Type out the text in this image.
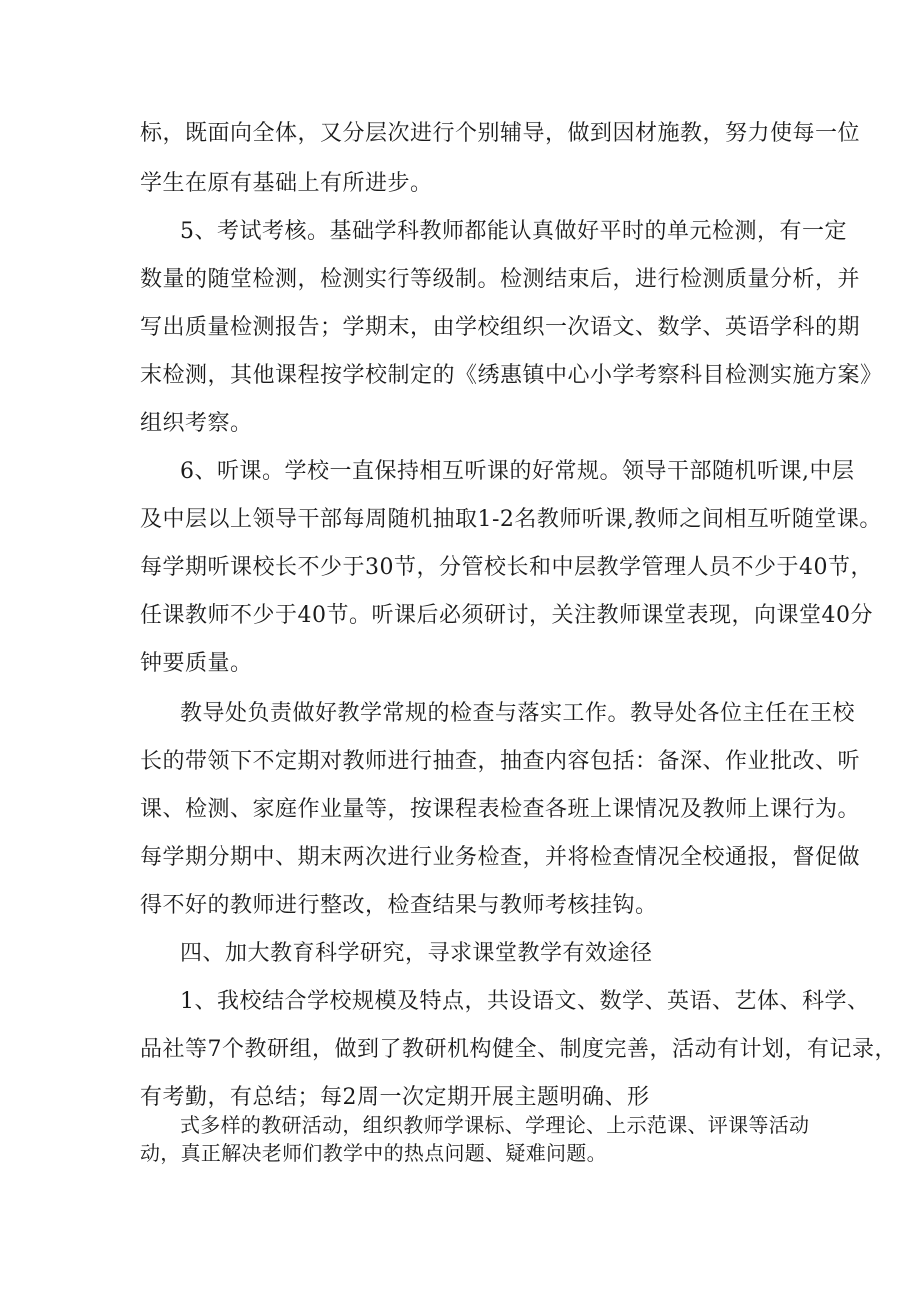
标，既面向全体，又分层次进行个别辅导，做到因材施教，努力使每一位
学生在原有基础上有所进步。
5、考试考核。基础学科教师都能认真做好平时的单元检测，有一定
数量的随堂检测，检测实行等级制。检测结束后，进行检测质量分析，并
写出质量检测报告；学期末，由学校组织一次语文、数学、英语学科的期
末检测，其他课程按学校制定的《绣惠镇中心小学考察科目检测实施方案》
组织考察。
6、听课。学校一直保持相互听课的好常规。领导干部随机听课,中层
及中层以上领导干部每周随机抽取1-2名教师听课,教师之间相互听随堂课。
每学期听课校长不少于30节，分管校长和中层教学管理人员不少于40节，
任课教师不少于40节。听课后必须研讨，关注教师课堂表现，向课堂40分
钟要质量。
教导处负责做好教学常规的检查与落实工作。教导处各位主任在王校
长的带领下不定期对教师进行抽查，抽查内容包括：备深、作业批改、听
课、检测、家庭作业量等，按课程表检查各班上课情况及教师上课行为。
每学期分期中、期末两次进行业务检查，并将检查情况全校通报，督促做
得不好的教师进行整改，检查结果与教师考核挂钩。
四、加大教育科学研究，寻求课堂教学有效途径
1、我校结合学校规模及特点，共设语文、数学、英语、艺体、科学、
品社等7个教研组，做到了教研机构健全、制度完善，活动有计划，有记录，
有考勤，有总结；每2周一次定期开展主题明确、形
式多样的教研活动，组织教师学课标、学理论、上示范课、评课等活动
动，真正解决老师们教学中的热点问题、疑难问题。
